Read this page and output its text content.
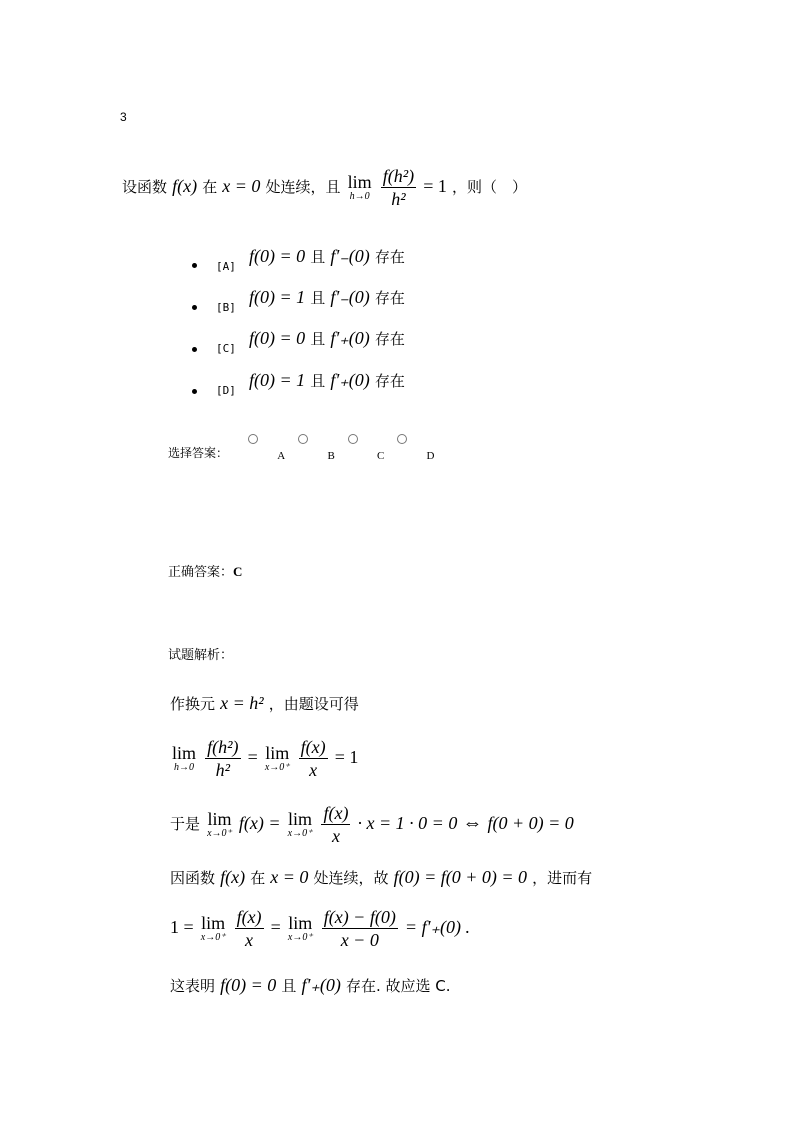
3
设函数 f(x) 在 x = 0 处连续，且 lim
h→0
$\frac{\text{f(h²)}}{\text{h²}} = 1$ ，则（　）
$_{[A]}$ f(0) = 0 且 f′₋(0) 存在
$_{[B]}$ f(0) = 1 且 f′₋(0) 存在
$_{[C]}$ f(0) = 0 且 f′₊(0) 存在
$_{[D]}$ f(0) = 1 且 f′₊(0) 存在
$_{选择答案:}$	$_A$	$_B$	$_C$	$_D$
正确答案：C
试题解析：
作换元 x = h² ，由题设可得
lim
h→0
$\frac{\text{f(h²)}}{\text{h²}} = \lim$
x→0⁺
$\frac{f(x)}{x} = 1$
于是 lim
x→0⁺ f(x) = lim
x→0⁺
$\frac{f(x)}{x} \cdot x = 1 \cdot 0 = 0$ ⇔ f(0 + 0) = 0
因函数 f(x) 在 x = 0 处连续，故 f(0) = f(0 + 0) = 0 ，进而有
1 = lim
x→0⁺
$\frac{f(x)}{x} = \lim$
x→0⁺
$\frac{f(x) - f(0)}{x - 0} = f'_+(0)$ .
这表明 f(0) = 0 且 f′₊(0) 存在. 故应选 C.
